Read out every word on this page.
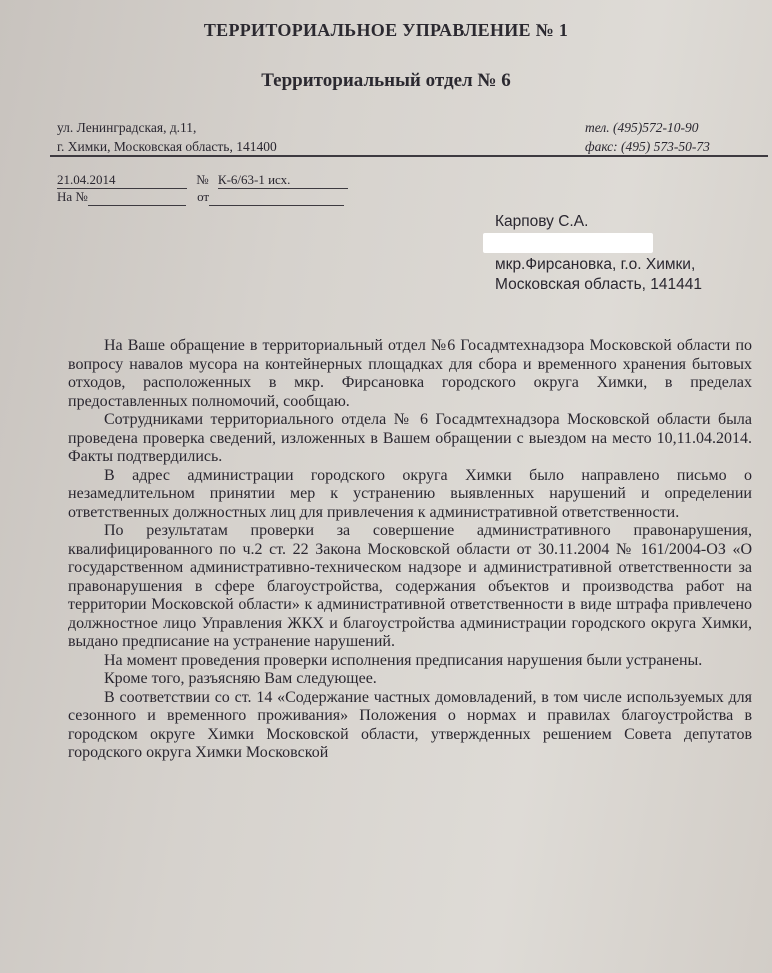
ТЕРРИТОРИАЛЬНОЕ УПРАВЛЕНИЕ № 1
Территориальный отдел № 6
ул. Ленинградская, д.11,
г. Химки, Московская область, 141400
тел. (495)572-10-90
факс: (495) 573-50-73
21.04.2014	№ К-6/63-1 исх.
На №	от
Карпову С.А.
мкр.Фирсановка, г.о. Химки,
Московская область, 141441

На Ваше обращение в территориальный отдел №6 Госадмтехнадзора Московской области по вопросу навалов мусора на контейнерных площадках для сбора и временного хранения бытовых отходов, расположенных в мкр. Фирсановка городского округа Химки, в пределах предоставленных полномочий, сообщаю.

Сотрудниками территориального отдела № 6 Госадмтехнадзора Московской области была проведена проверка сведений, изложенных в Вашем обращении с выездом на место 10,11.04.2014. Факты подтвердились.

В адрес администрации городского округа Химки было направлено письмо о незамедлительном принятии мер к устранению выявленных нарушений и определении ответственных должностных лиц для привлечения к административной ответственности.

По результатам проверки за совершение административного правонарушения, квалифицированного по ч.2 ст. 22 Закона Московской области от 30.11.2004 № 161/2004-ОЗ «О государственном административно-техническом надзоре и административной ответственности за правонарушения в сфере благоустройства, содержания объектов и производства работ на территории Московской области» к административной ответственности в виде штрафа привлечено должностное лицо Управления ЖКХ и благоустройства администрации городского округа Химки, выдано предписание на устранение нарушений.

На момент проведения проверки исполнения предписания нарушения были устранены.

Кроме того, разъясняю Вам следующее.

В соответствии со ст. 14 «Содержание частных домовладений, в том числе используемых для сезонного и временного проживания» Положения о нормах и правилах благоустройства в городском округе Химки Московской области, утвержденных решением Совета депутатов городского округа Химки Московской
